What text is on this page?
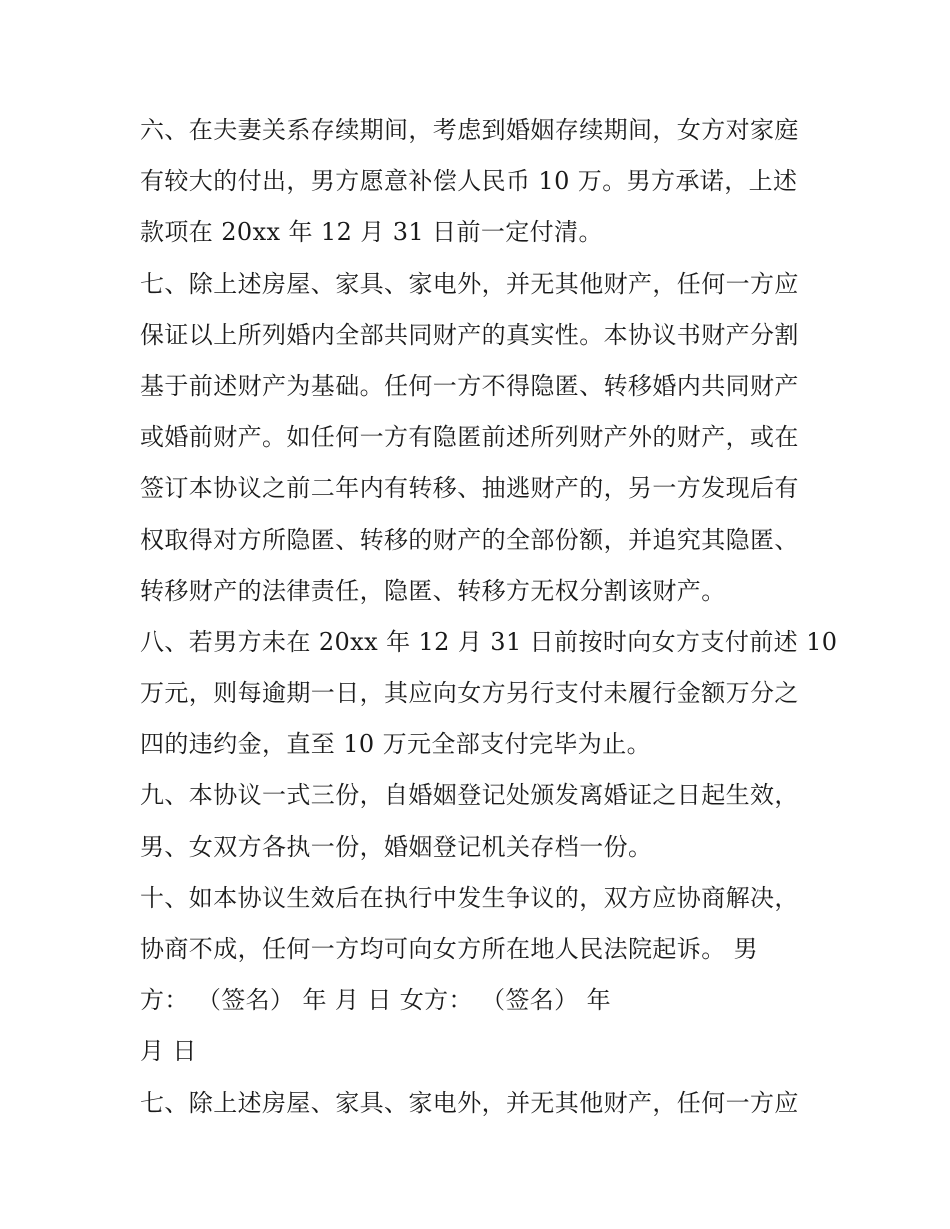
六、在夫妻关系存续期间，考虑到婚姻存续期间，女方对家庭
有较大的付出，男方愿意补偿人民币 10 万。男方承诺，上述
款项在 20xx 年 12 月 31 日前一定付清。
七、除上述房屋、家具、家电外，并无其他财产，任何一方应
保证以上所列婚内全部共同财产的真实性。本协议书财产分割
基于前述财产为基础。任何一方不得隐匿、转移婚内共同财产
或婚前财产。如任何一方有隐匿前述所列财产外的财产，或在
签订本协议之前二年内有转移、抽逃财产的，另一方发现后有
权取得对方所隐匿、转移的财产的全部份额，并追究其隐匿、
转移财产的法律责任，隐匿、转移方无权分割该财产。
八、若男方未在 20xx 年 12 月 31 日前按时向女方支付前述 10
万元，则每逾期一日，其应向女方另行支付未履行金额万分之
四的违约金，直至 10 万元全部支付完毕为止。
九、本协议一式三份，自婚姻登记处颁发离婚证之日起生效，
男、女双方各执一份，婚姻登记机关存档一份。
十、如本协议生效后在执行中发生争议的，双方应协商解决，
协商不成，任何一方均可向女方所在地人民法院起诉。 男
方： （签名） 年 月 日 女方： （签名） 年
月 日
七、除上述房屋、家具、家电外，并无其他财产，任何一方应
